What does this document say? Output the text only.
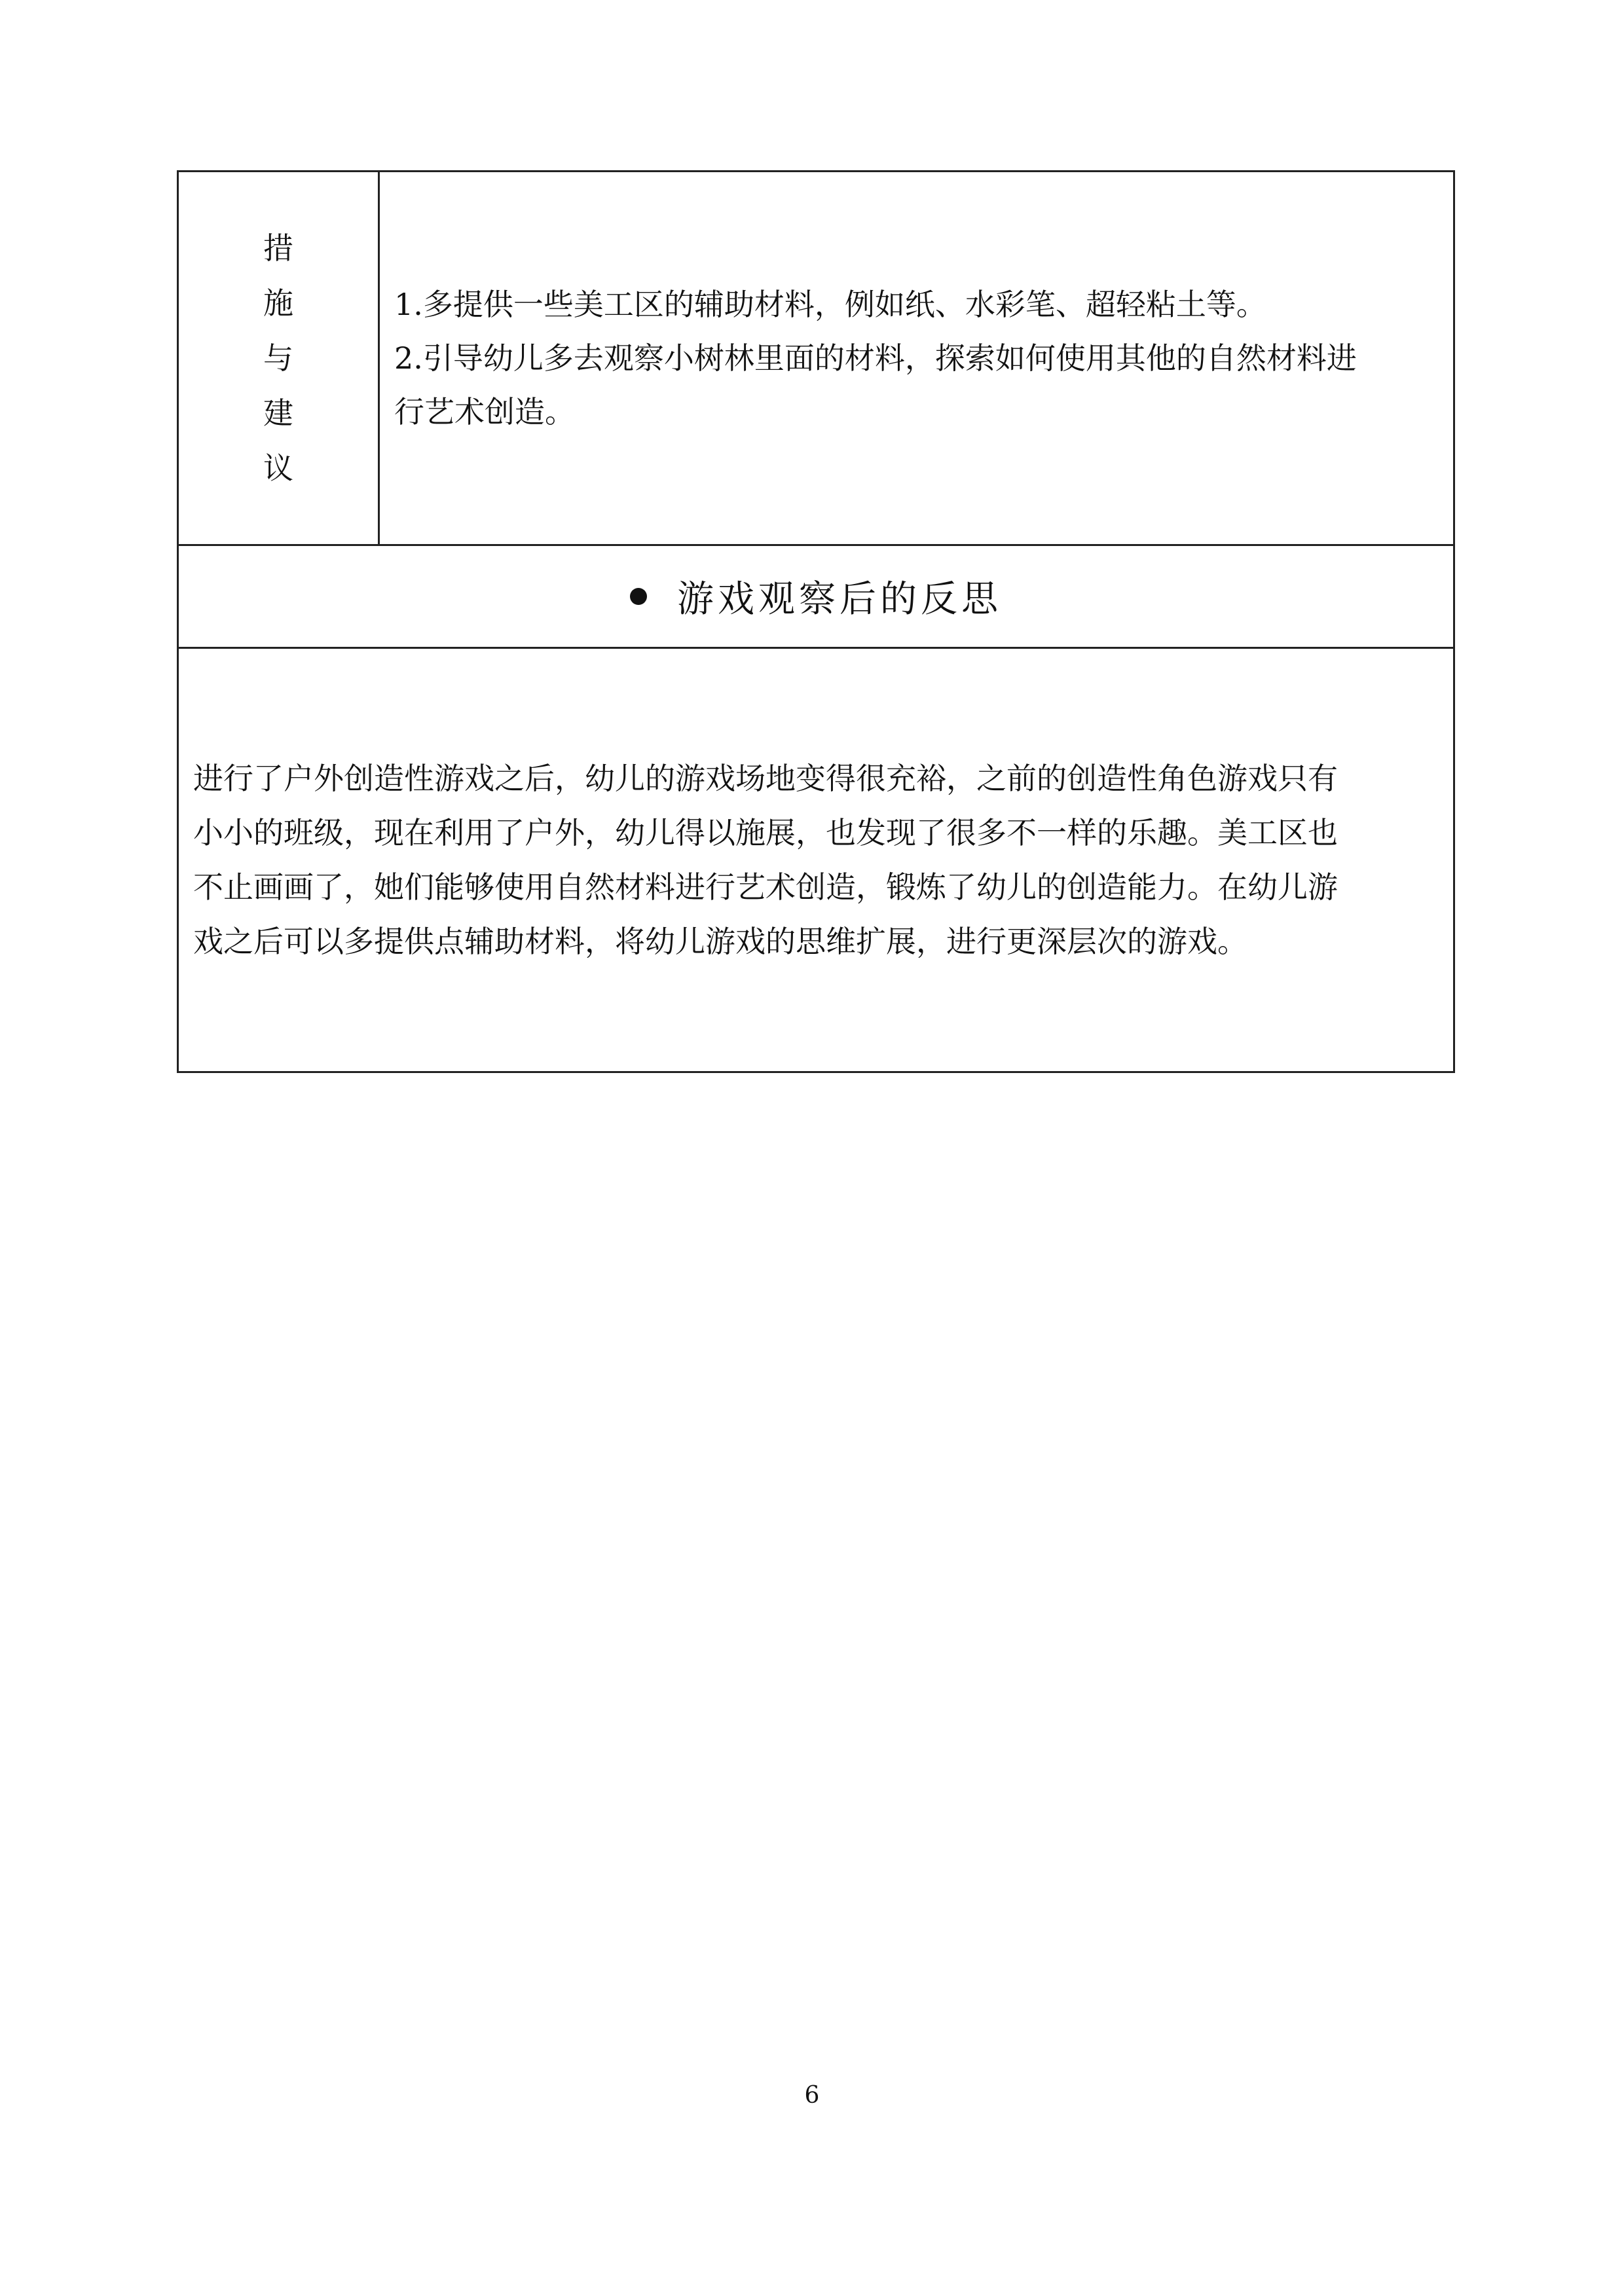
措
施
与
建
议

1.多提供一些美工区的辅助材料，例如纸、水彩笔、超轻粘土等。

2.引导幼儿多去观察小树林里面的材料，探索如何使用其他的自然材料进

行艺术创造。

游戏观察后的反思

进行了户外创造性游戏之后，幼儿的游戏场地变得很充裕，之前的创造性角色游戏只有

小小的班级，现在利用了户外，幼儿得以施展，也发现了很多不一样的乐趣。美工区也

不止画画了，她们能够使用自然材料进行艺术创造，锻炼了幼儿的创造能力。在幼儿游

戏之后可以多提供点辅助材料，将幼儿游戏的思维扩展，进行更深层次的游戏。

6
